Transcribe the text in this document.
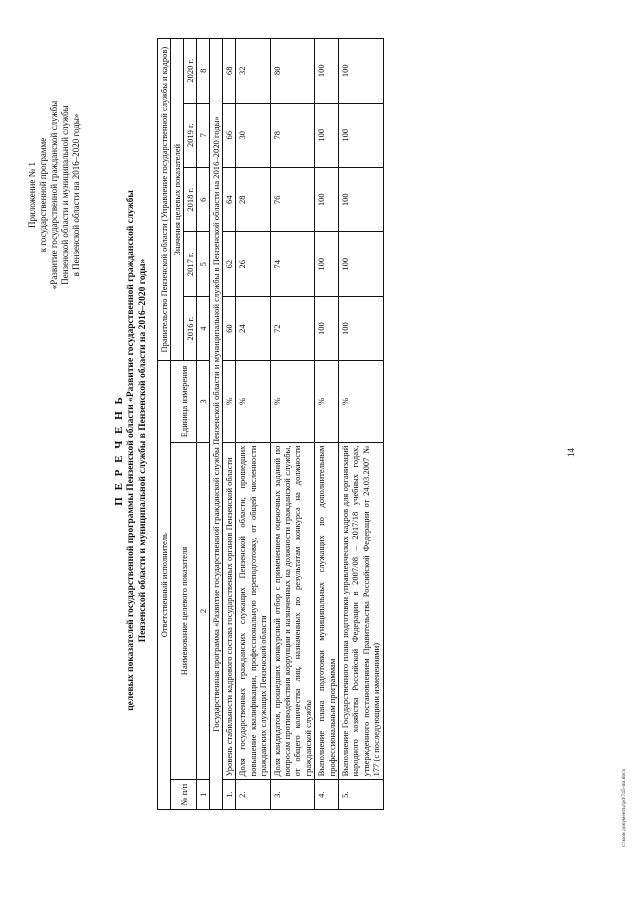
14
Приложение № 1 к государственной программе «Развитие государственной гражданской службы Пензенской области и муниципальной службы в Пензенской области на 2016–2020 годы»
П Е Р Е Ч Е Н Ь целевых показателей государственной программы Пензенской области «Развитие государственной гражданской службы Пензенской области и муниципальной службы в Пензенской области на 2016–2020 годы» Ответственный исполнитель			Правительство Пензенской области (Управление государственной службы и кадров)				
№ п/п	Наименование целевого показателя	Единица измерения	Значения целевых показателей				
			2016 г.	2017 г.	2018 г.	2019 г.	2020 г.
1	2	3	4	5	6	7	8
Государственная программа «Развитие государственной гражданской службы Пензенской области и муниципальной службы в Пензенской области на 2016–2020 годы»							
1.	Уровень стабильности кадрового состава государственных органов Пензенской области	%	60	62	64	66	68
2.	Доля государственных гражданских служащих Пензенской области, прошедших повышение квалификации, профессиональную переподготовку, от общей численности гражданских служащих Пензенской области	%	24	26	28	30	32
3.	Доля кандидатов, прошедших конкурсный отбор с применением оценочных заданий по вопросам противодействия коррупции и назначенных на должности гражданской службы, от общего количества лиц, назначенных по результатам конкурса на должности гражданской службы	%	72	74	76	78	80
4.	Выполнение плана подготовки муниципальных служащих по дополнительным профессиональным программам	%	100	100	100	100	100
5.	Выполнение Государственного плана подготовки управленческих кадров для организаций народного хозяйства Российской Федерации в 2007/08 – 2017/18 учебных годах, утвержденного постановлением Правительства Российской Федерации от 24.03.2007 № 177 (с последующими изменениями)	%	100	100	100	100	100
c:\мои документы\рd\745-пп.docx
